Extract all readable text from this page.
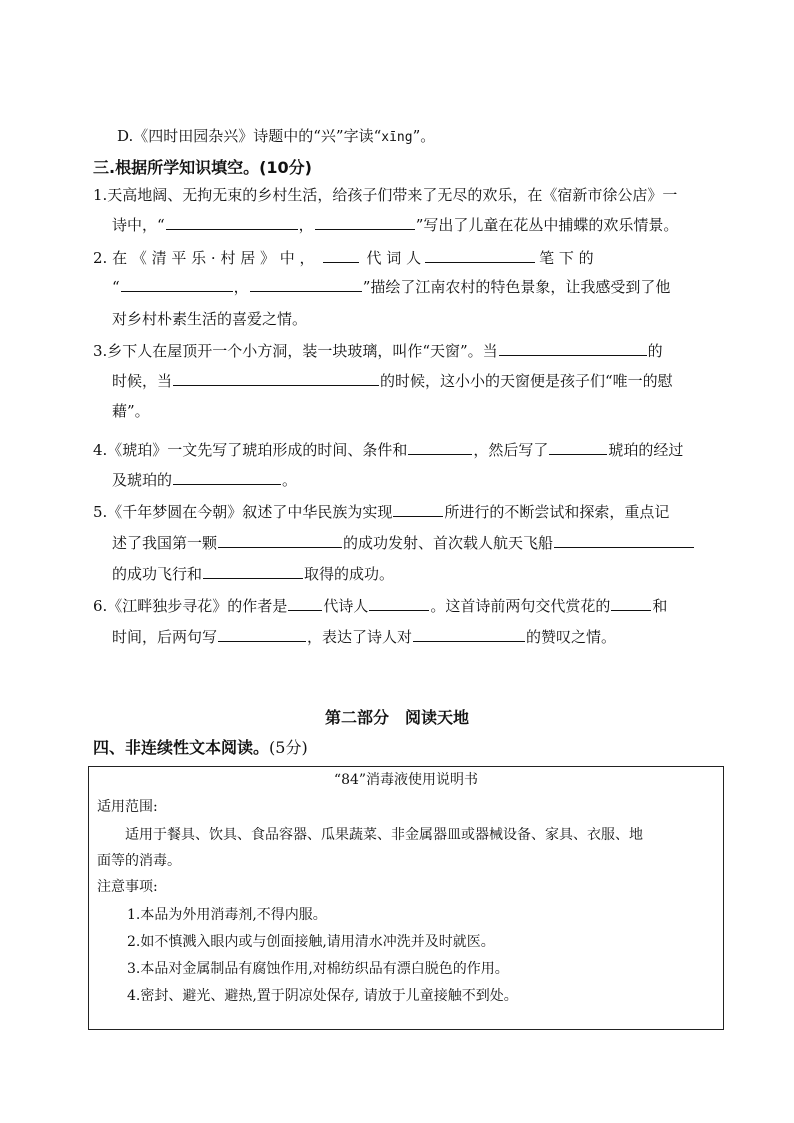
D.《四时田园杂兴》诗题中的“兴”字读“xīng”。
三.根据所学知识填空。(10分)
1.天高地阔、无拘无束的乡村生活，给孩子们带来了无尽的欢乐，在《宿新市徐公店》一
诗中，“	，	”写出了儿童在花丛中捕蝶的欢乐情景。
2. 在 《 清 平 乐 · 村 居 》 中 ，	代 词 人	笔 下 的
“	，	”描绘了江南农村的特色景象，让我感受到了他
对乡村朴素生活的喜爱之情。
3.乡下人在屋顶开一个小方洞，装一块玻璃，叫作“天窗”。当	的
时候，当	的时候，这小小的天窗便是孩子们“唯一的慰
藉”。
4.《琥珀》一文先写了琥珀形成的时间、条件和	，然后写了	琥珀的经过
及琥珀的	。
5.《千年梦圆在今朝》叙述了中华民族为实现	所进行的不断尝试和探索，重点记
述了我国第一颗	的成功发射、首次载人航天飞船
的成功飞行和	取得的成功。
6.《江畔独步寻花》的作者是 代诗人	。这首诗前两句交代赏花的	和
时间，后两句写	，表达了诗人对	的赞叹之情。
第二部分　阅读天地
四、非连续性文本阅读。(5分)
“84”消毒液使用说明书
适用范围:
适用于餐具、饮具、食品容器、瓜果蔬菜、非金属器皿或器械设备、家具、衣服、地
面等的消毒。
注意事项:
1.本品为外用消毒剂,不得内服。
2.如不慎溅入眼内或与创面接触,请用清水冲洗并及时就医。
3.本品对金属制品有腐蚀作用,对棉纺织品有漂白脱色的作用。
4.密封、避光、避热,置于阴凉处保存, 请放于儿童接触不到处。
